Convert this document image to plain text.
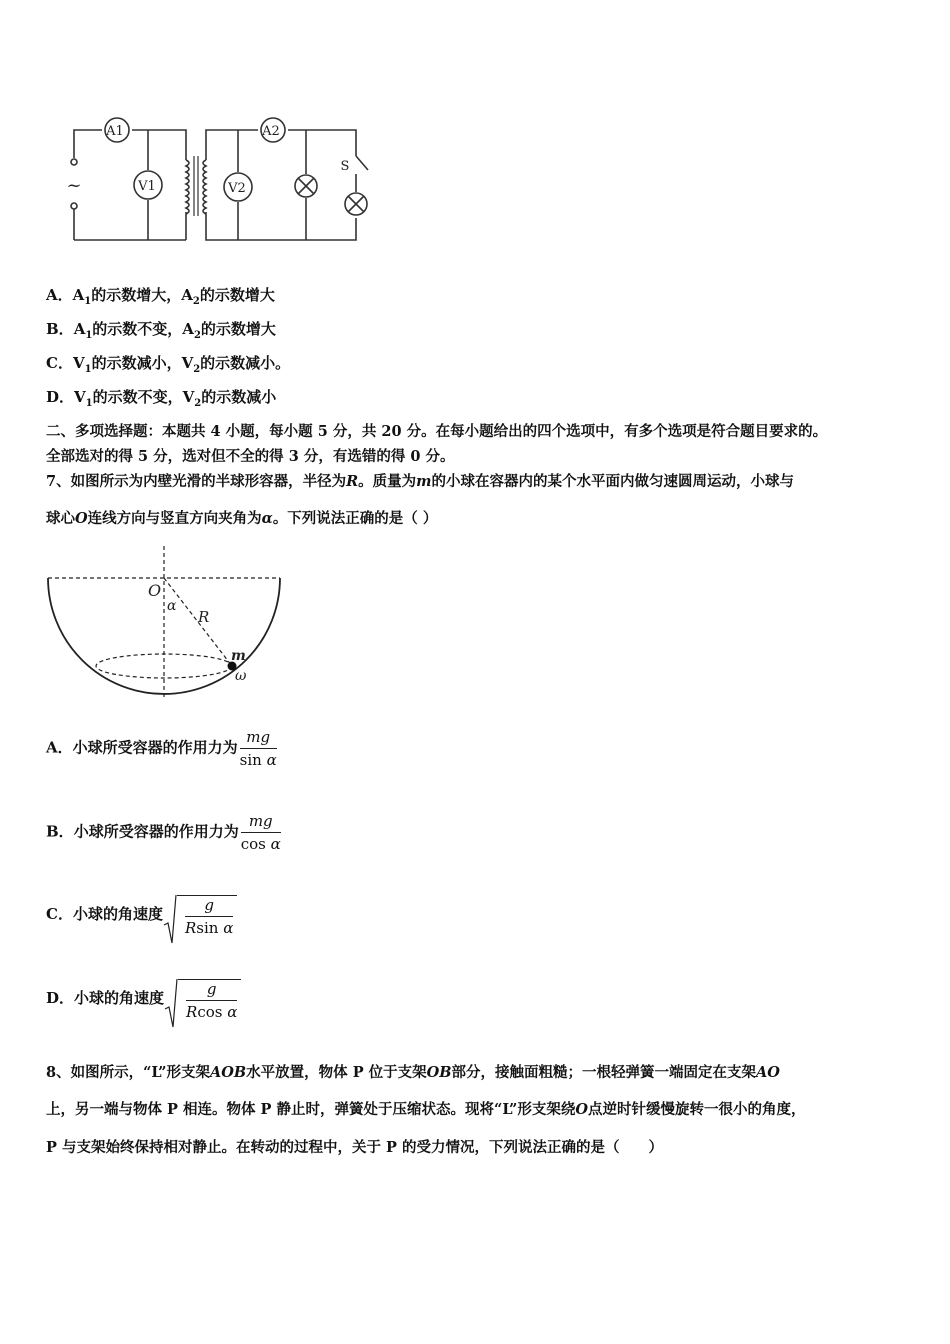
A1	A2
V1	V2
S
~
A．$A_1$的示数增大，$A_2$的示数增大
B．$A_1$的示数不变，$A_2$的示数增大
C．$V_1$的示数减小，$V_2$的示数减小。
D．$V_1$的示数不变，$V_2$的示数减小
二、多项选择题：本题共 4 小题，每小题 5 分，共 20 分。在每小题给出的四个选项中，有多个选项是符合题目要求的。
全部选对的得 5 分，选对但不全的得 3 分，有选错的得 0 分。
7、如图所示为内壁光滑的半球形容器，半径为R。质量为m的小球在容器内的某个水平面内做匀速圆周运动，小球与
球心O连线方向与竖直方向夹角为α。下列说法正确的是（ ）
O
α
R
m
ω
A．小球所受容器的作用力为 $\frac{mg}{\text{sin α}}$
B．小球所受容器的作用力为 $\frac{mg}{\text{cos α}}$
C．小球的角速度 $\frac{g}{\text{Rsin α}}$
D．小球的角速度 $\frac{g}{\text{Rcos α}}$
8、如图所示，“L”形支架AOB水平放置，物体 P 位于支架OB部分，接触面粗糙；一根轻弹簧一端固定在支架AO
上，另一端与物体 P 相连。物体 P 静止时，弹簧处于压缩状态。现将“L”形支架绕O点逆时针缓慢旋转一很小的角度，
P 与支架始终保持相对静止。在转动的过程中，关于 P 的受力情况，下列说法正确的是（　　）
